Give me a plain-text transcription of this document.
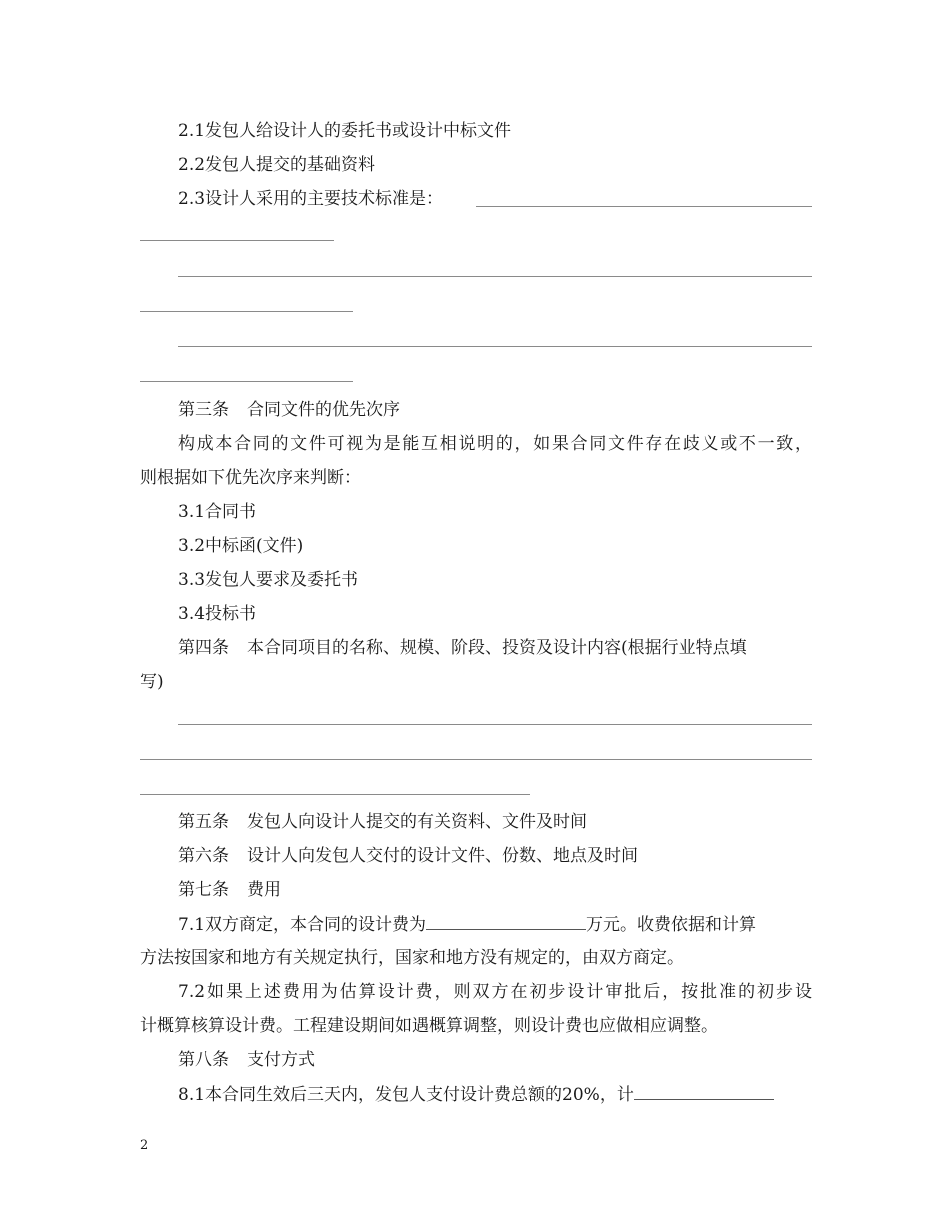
2.1发包人给设计人的委托书或设计中标文件
2.2发包人提交的基础资料
2.3设计人采用的主要技术标准是：
第三条 合同文件的优先次序
构成本合同的文件可视为是能互相说明的，如果合同文件存在歧义或不一致，
则根据如下优先次序来判断：
3.1合同书
3.2中标函(文件)
3.3发包人要求及委托书
3.4投标书
第四条 本合同项目的名称、规模、阶段、投资及设计内容(根据行业特点填
写)
第五条 发包人向设计人提交的有关资料、文件及时间
第六条 设计人向发包人交付的设计文件、份数、地点及时间
第七条 费用
7.1双方商定，本合同的设计费为	万元。收费依据和计算
方法按国家和地方有关规定执行，国家和地方没有规定的，由双方商定。
7.2如果上述费用为估算设计费，则双方在初步设计审批后，按批准的初步设
计概算核算设计费。工程建设期间如遇概算调整，则设计费也应做相应调整。
第八条 支付方式
8.1本合同生效后三天内，发包人支付设计费总额的20%，计
2
